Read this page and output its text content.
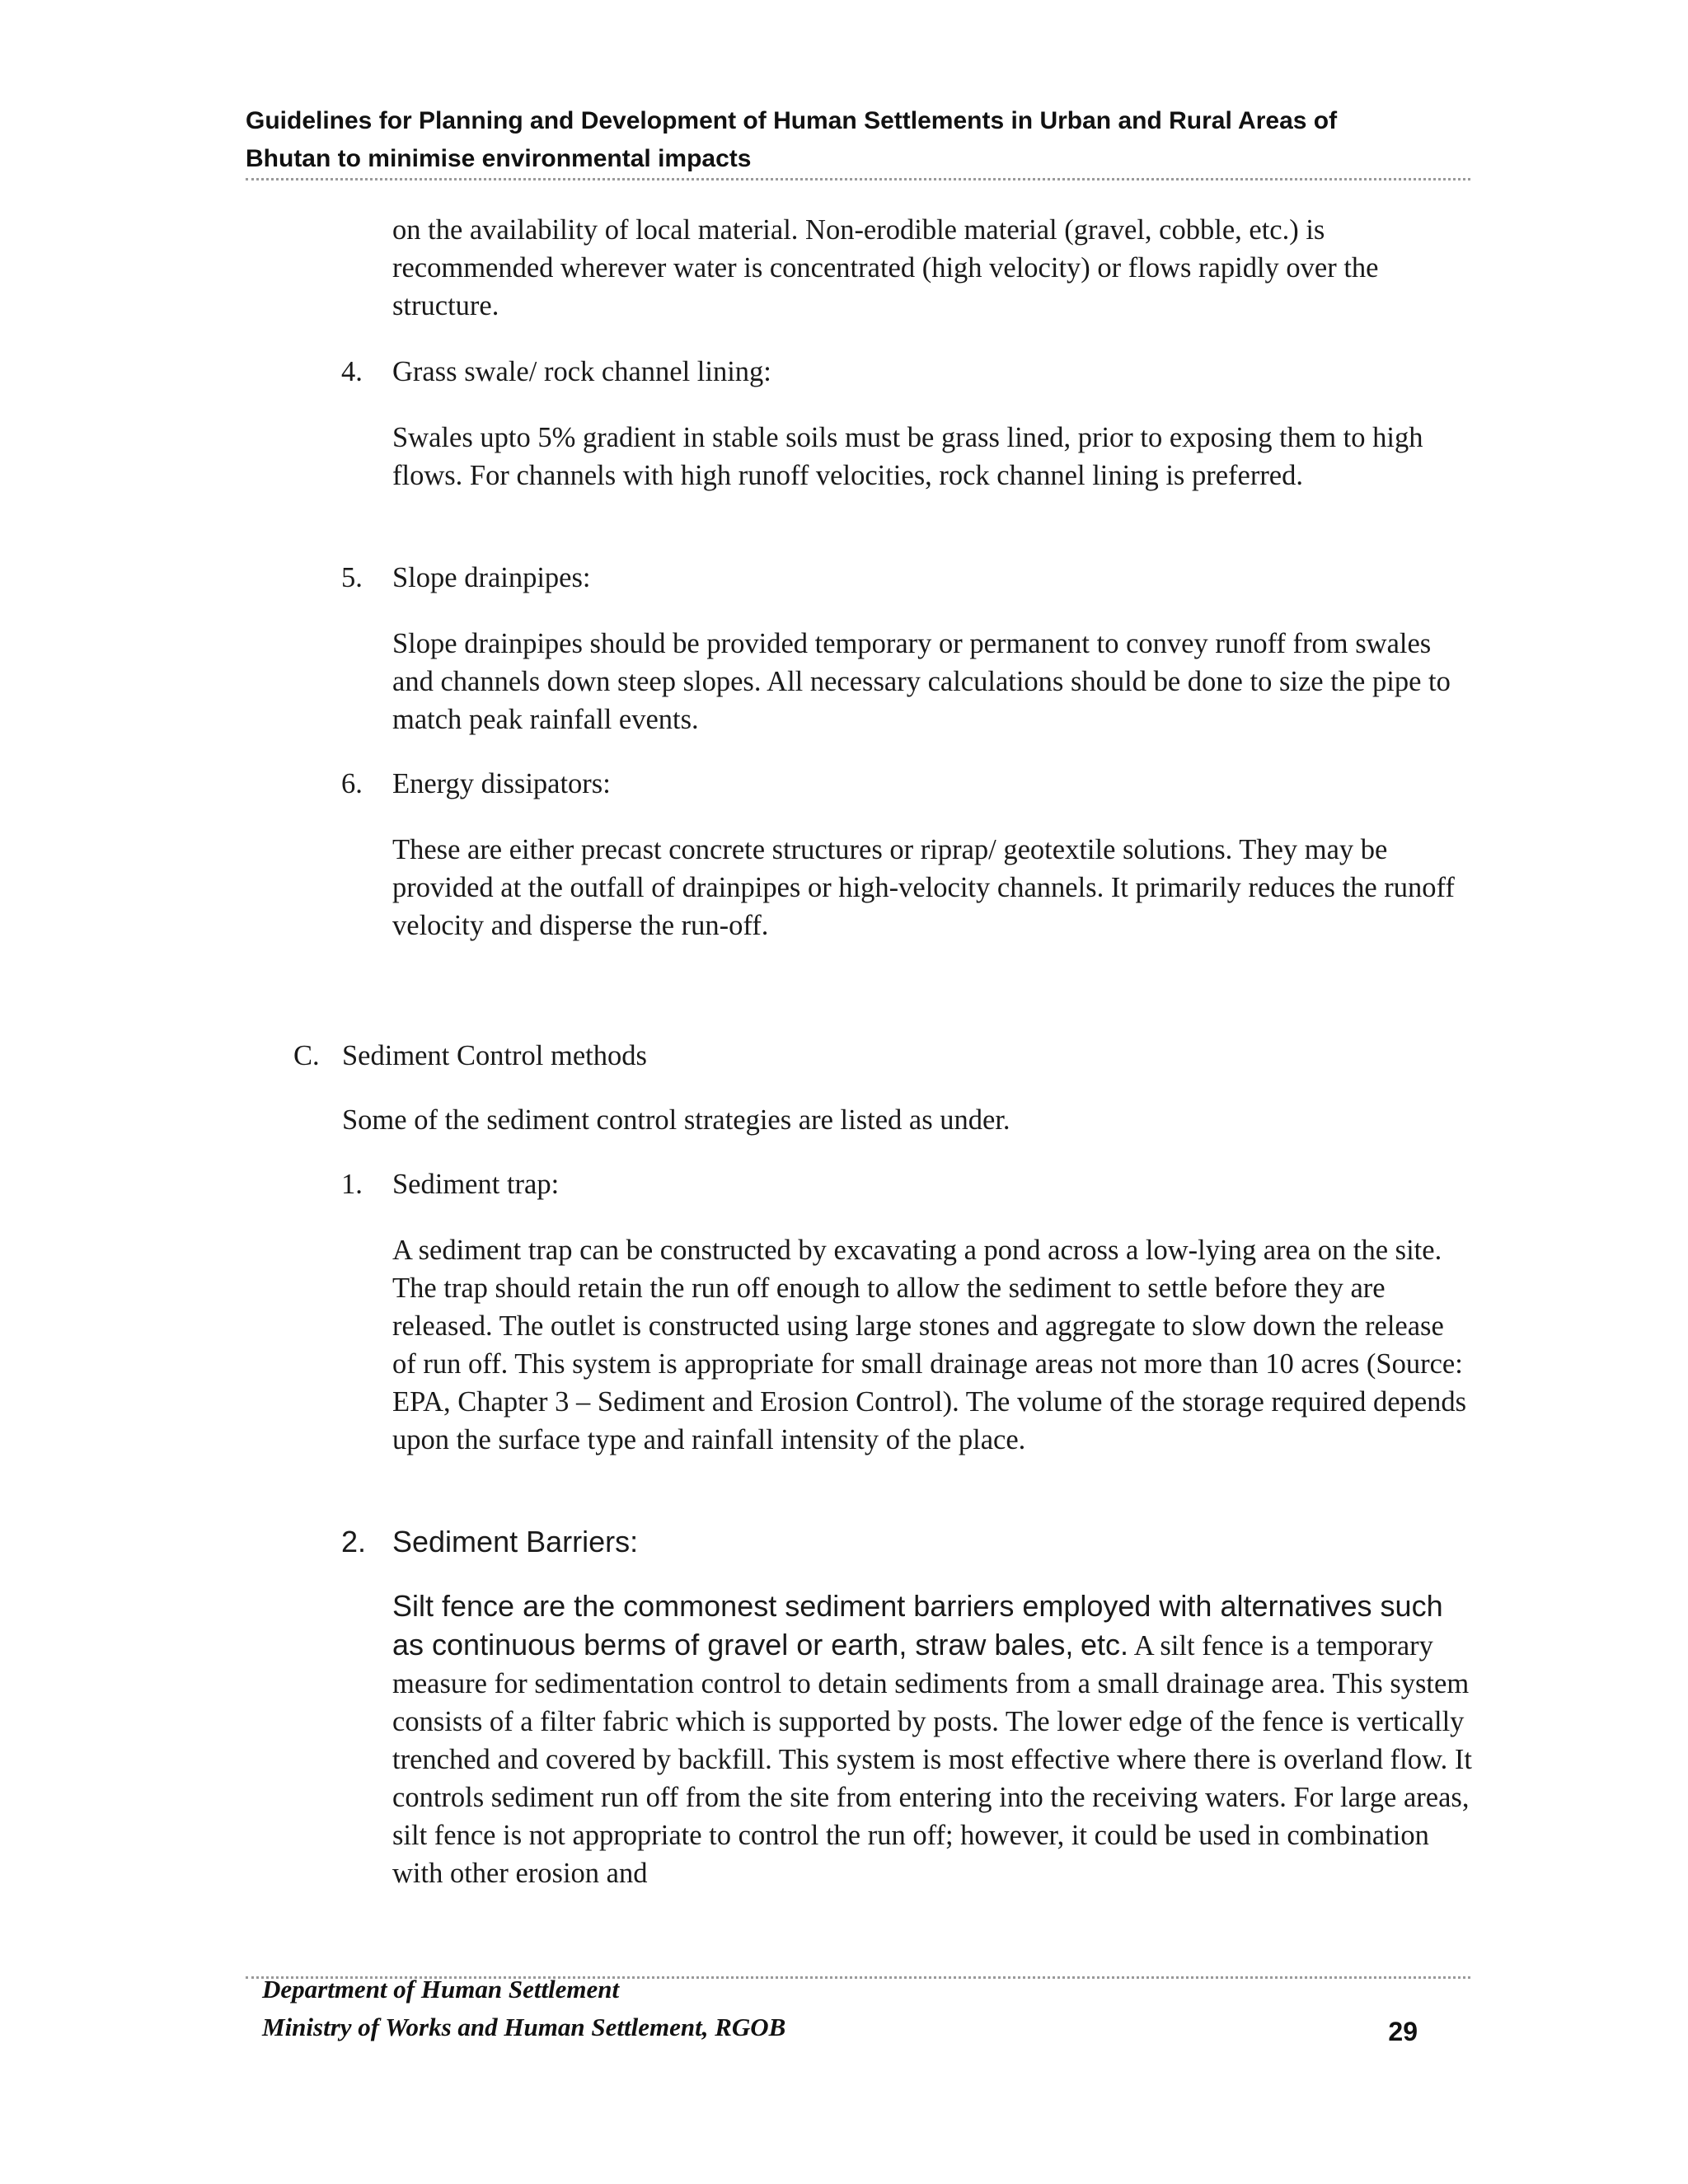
Guidelines for Planning and Development of Human Settlements in Urban and Rural Areas of Bhutan to minimise environmental impacts

on the availability of local material. Non-erodible material (gravel, cobble, etc.) is recommended wherever water is concentrated (high velocity) or flows rapidly over the structure.

4.	Grass swale/ rock channel lining:

Swales upto 5% gradient in stable soils must be grass lined, prior to exposing them to high flows. For channels with high runoff velocities, rock channel lining is preferred.

5.	Slope drainpipes:

Slope drainpipes should be provided temporary or permanent to convey runoff from swales and channels down steep slopes. All necessary calculations should be done to size the pipe to match peak rainfall events.

6.	Energy dissipators:

These are either precast concrete structures or riprap/ geotextile solutions. They may be provided at the outfall of drainpipes or high-velocity channels. It primarily reduces the runoff velocity and disperse the run-off.

C. Sediment Control methods

Some of the sediment control strategies are listed as under.

1.	Sediment trap:

A sediment trap can be constructed by excavating a pond across a low-lying area on the site. The trap should retain the run off enough to allow the sediment to settle before they are released. The outlet is constructed using large stones and aggregate to slow down the release of run off. This system is appropriate for small drainage areas not more than 10 acres (Source: EPA, Chapter 3 – Sediment and Erosion Control). The volume of the storage required depends upon the surface type and rainfall intensity of the place.

2. Sediment Barriers:

Silt fence are the commonest sediment barriers employed with alternatives such as continuous berms of gravel or earth, straw bales, etc. A silt fence is a temporary measure for sedimentation control to detain sediments from a small drainage area. This system consists of a filter fabric which is supported by posts. The lower edge of the fence is vertically trenched and covered by backfill. This system is most effective where there is overland flow. It controls sediment run off from the site from entering into the receiving waters. For large areas, silt fence is not appropriate to control the run off; however, it could be used in combination with other erosion and

Department of Human Settlement
Ministry of Works and Human Settlement, RGOB	29
